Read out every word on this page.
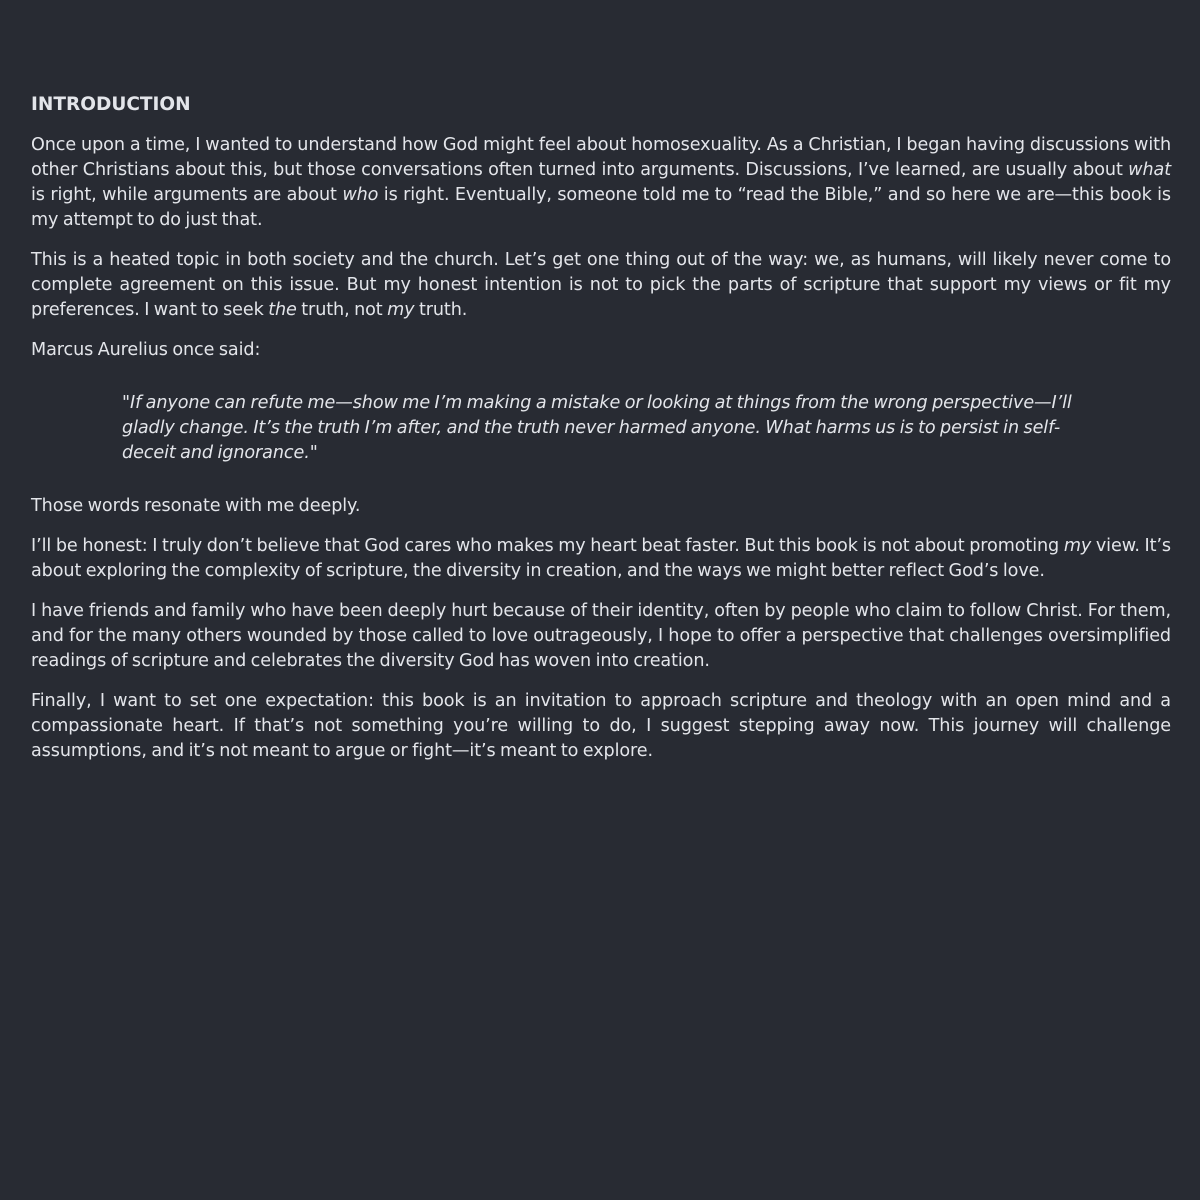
INTRODUCTION

Once upon a time, I wanted to understand how God might feel about homosexuality. As a Christian, I began having discussions with other Christians about this, but those conversations often turned into arguments. Discussions, I’ve learned, are usually about what is right, while arguments are about who is right. Eventually, someone told me to “read the Bible,” and so here we are—this book is my attempt to do just that.

This is a heated topic in both society and the church. Let’s get one thing out of the way: we, as humans, will likely never come to complete agreement on this issue. But my honest intention is not to pick the parts of scripture that support my views or fit my preferences. I want to seek the truth, not my truth.

Marcus Aurelius once said:

"If anyone can refute me—show me I’m making a mistake or looking at things from the wrong perspective—I’ll gladly change. It’s the truth I’m after, and the truth never harmed anyone. What harms us is to persist in self-deceit and ignorance."

Those words resonate with me deeply.

I’ll be honest: I truly don’t believe that God cares who makes my heart beat faster. But this book is not about promoting my view. It’s about exploring the complexity of scripture, the diversity in creation, and the ways we might better reflect God’s love.

I have friends and family who have been deeply hurt because of their identity, often by people who claim to follow Christ. For them, and for the many others wounded by those called to love outrageously, I hope to offer a perspective that challenges oversimplified readings of scripture and celebrates the diversity God has woven into creation.

Finally, I want to set one expectation: this book is an invitation to approach scripture and theology with an open mind and a compassionate heart. If that’s not something you’re willing to do, I suggest stepping away now. This journey will challenge assumptions, and it’s not meant to argue or fight—it’s meant to explore.
